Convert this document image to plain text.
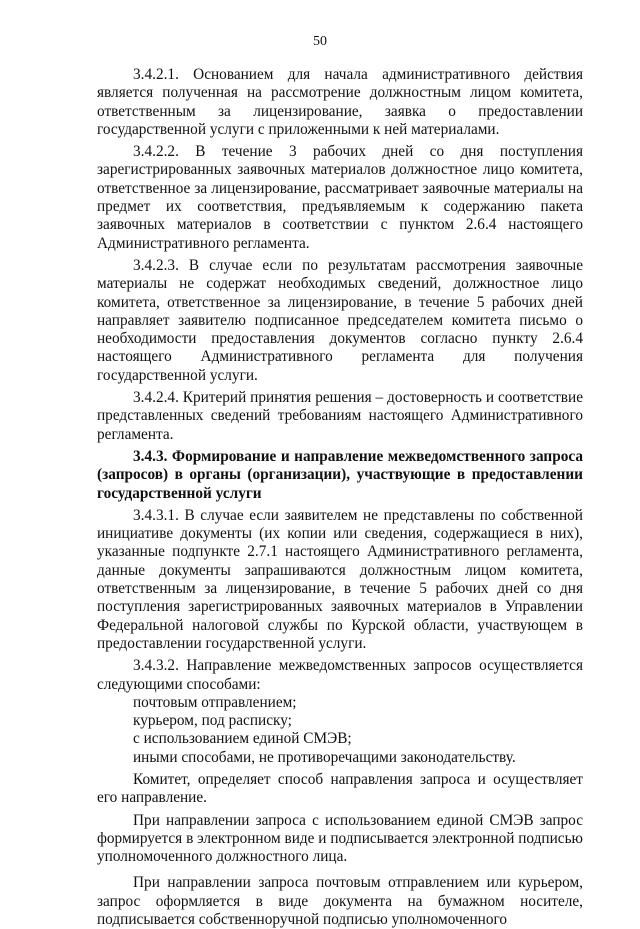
50

3.4.2.1. Основанием для начала административного действия является полученная на рассмотрение должностным лицом комитета, ответственным за лицензирование, заявка о предоставлении государственной услуги с приложенными к ней материалами.

3.4.2.2. В течение 3 рабочих дней со дня поступления зарегистрированных заявочных материалов должностное лицо комитета, ответственное за лицензирование, рассматривает заявочные материалы на предмет их соответствия, предъявляемым к содержанию пакета заявочных материалов в соответствии с пунктом 2.6.4 настоящего Административного регламента.

3.4.2.3. В случае если по результатам рассмотрения заявочные материалы не содержат необходимых сведений, должностное лицо комитета, ответственное за лицензирование, в течение 5 рабочих дней направляет заявителю подписанное председателем комитета письмо о необходимости предоставления документов согласно пункту 2.6.4 настоящего Административного регламента для получения государственной услуги.

3.4.2.4. Критерий принятия решения – достоверность и соответствие представленных сведений требованиям настоящего Административного регламента.

3.4.3. Формирование и направление межведомственного запроса (запросов) в органы (организации), участвующие в предоставлении государственной услуги

3.4.3.1. В случае если заявителем не представлены по собственной инициативе документы (их копии или сведения, содержащиеся в них), указанные подпункте 2.7.1 настоящего Административного регламента, данные документы запрашиваются должностным лицом комитета, ответственным за лицензирование, в течение 5 рабочих дней со дня поступления зарегистрированных заявочных материалов в Управлении Федеральной налоговой службы по Курской области, участвующем в предоставлении государственной услуги.

3.4.3.2. Направление межведомственных запросов осуществляется следующими способами:

почтовым отправлением;

курьером, под расписку;

с использованием единой СМЭВ;

иными способами, не противоречащими законодательству.

Комитет, определяет способ направления запроса и осуществляет его направление.

При направлении запроса с использованием единой СМЭВ запрос формируется в электронном виде и подписывается электронной подписью уполномоченного должностного лица.

При направлении запроса почтовым отправлением или курьером, запрос оформляется в виде документа на бумажном носителе, подписывается собственноручной подписью уполномоченного
